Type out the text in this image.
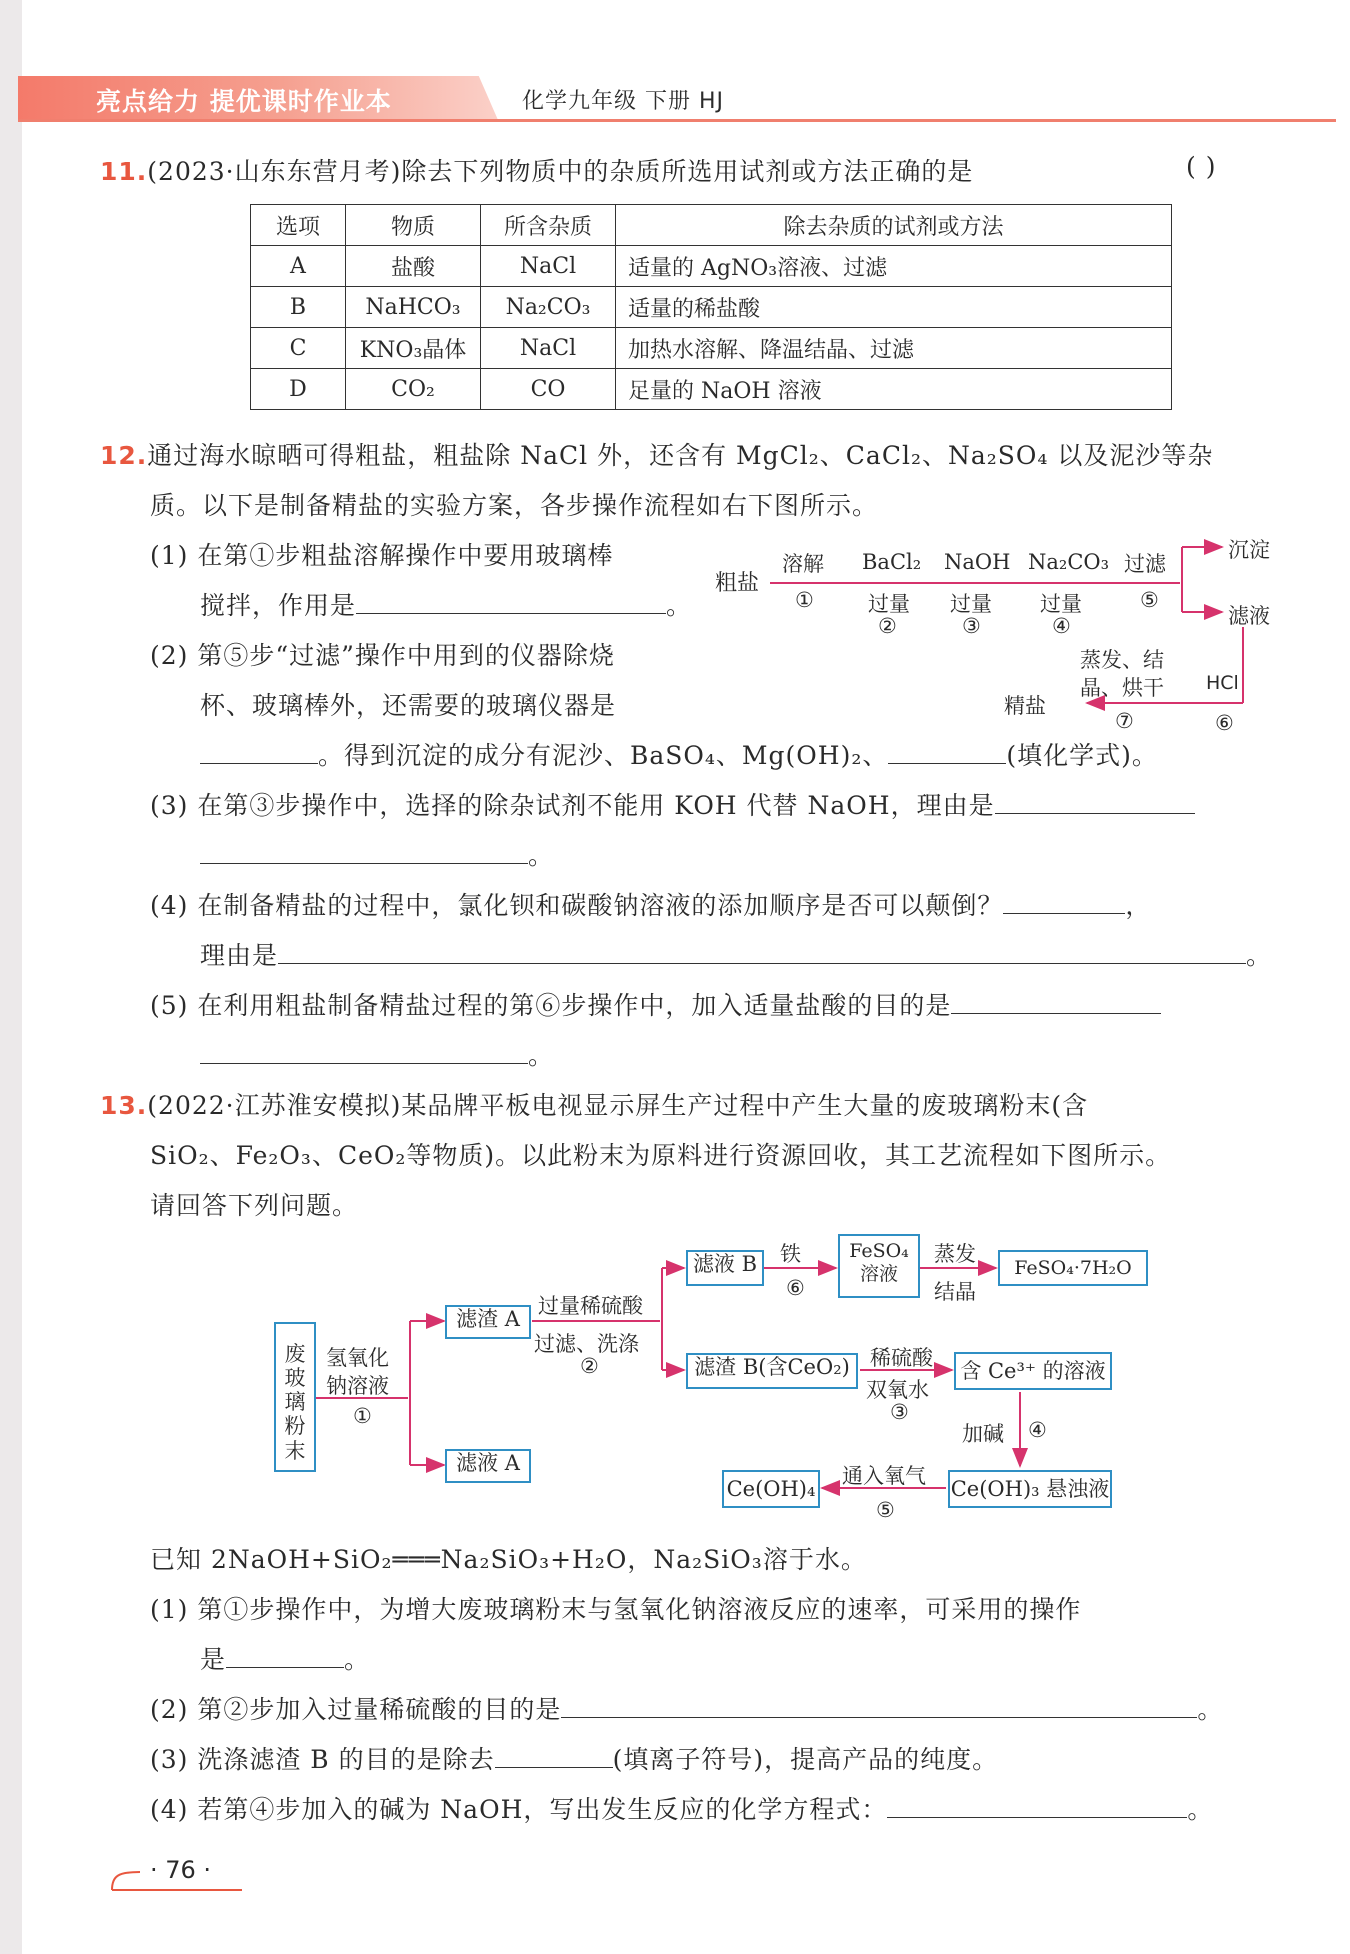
亮点给力 提优课时作业本	化学九年级 下册 HJ
11.(2023·山东东营月考)除去下列物质中的杂质所选用试剂或方法正确的是	( )
选项	物质	所含杂质	除去杂质的试剂或方法
A	盐酸	NaCl	适量的 AgNO₃溶液、过滤
B	NaHCO₃	Na₂CO₃	适量的稀盐酸
C	KNO₃晶体	NaCl	加热水溶解、降温结晶、过滤
D	CO₂	CO	足量的 NaOH 溶液
12.通过海水晾晒可得粗盐，粗盐除 NaCl 外，还含有 MgCl₂、CaCl₂、Na₂SO₄ 以及泥沙等杂
质。以下是制备精盐的实验方案，各步操作流程如右下图所示。
(1) 在第①步粗盐溶解操作中要用玻璃棒
搅拌，作用是	。
(2) 第⑤步“过滤”操作中用到的仪器除烧
杯、玻璃棒外，还需要的玻璃仪器是
。得到沉淀的成分有泥沙、BaSO₄、Mg(OH)₂、	(填化学式)。
(3) 在第③步操作中，选择的除杂试剂不能用 KOH 代替 NaOH，理由是
。
(4) 在制备精盐的过程中，氯化钡和碳酸钠溶液的添加顺序是否可以颠倒？	，
理由是	。
(5) 在利用粗盐制备精盐过程的第⑥步操作中，加入适量盐酸的目的是
。
粗盐
溶解
①
BaCl₂
过量
②
NaOH
过量
③
Na₂CO₃
过量
④
过滤
⑤
沉淀
滤液
HCl
⑥
蒸发、结
晶、烘干
⑦
精盐
13.(2022·江苏淮安模拟)某品牌平板电视显示屏生产过程中产生大量的废玻璃粉末(含
SiO₂、Fe₂O₃、CeO₂等物质)。以此粉末为原料进行资源回收，其工艺流程如下图所示。
请回答下列问题。
废玻璃粉末
氢氧化
钠溶液
①
滤渣 A
滤液 A
过量稀硫酸
过滤、洗涤
②
滤液 B
滤渣 B(含CeO₂)
铁
⑥
FeSO₄
溶液
蒸发
结晶
FeSO₄·7H₂O
稀硫酸
双氧水
③
含 Ce³⁺ 的溶液
加碱 ④
Ce(OH)₃ 悬浊液
通入氧气
⑤
Ce(OH)₄
已知 2NaOH+SiO₂═══Na₂SiO₃+H₂O，Na₂SiO₃溶于水。
(1) 第①步操作中，为增大废玻璃粉末与氢氧化钠溶液反应的速率，可采用的操作
是	。
(2) 第②步加入过量稀硫酸的目的是	。
(3) 洗涤滤渣 B 的目的是除去	(填离子符号)，提高产品的纯度。
(4) 若第④步加入的碱为 NaOH，写出发生反应的化学方程式：	。
· 76 ·
